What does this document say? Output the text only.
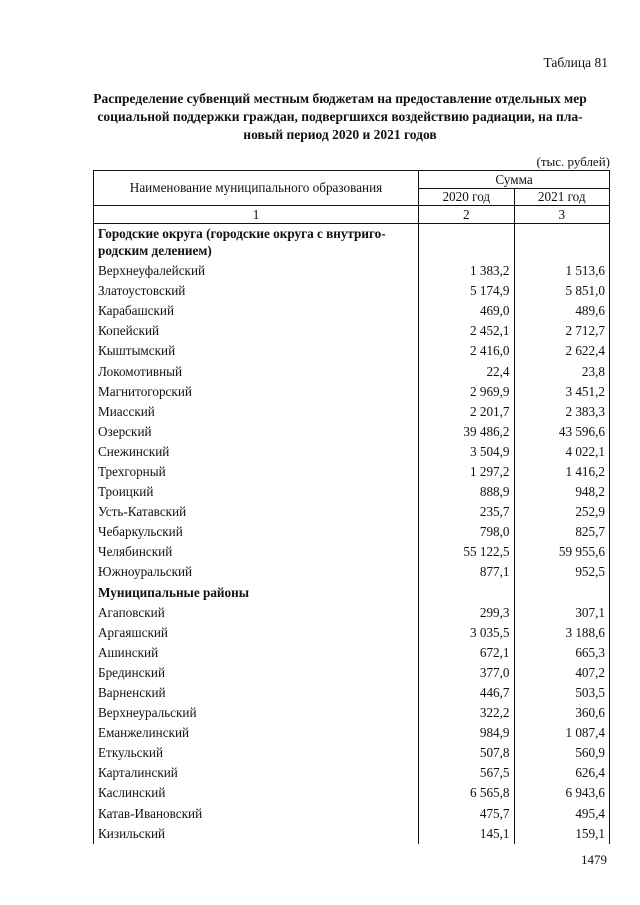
Таблица 81
Распределение субвенций местным бюджетам на предоставление отдельных мер
социальной поддержки граждан, подвергшихся воздействию радиации, на пла-
новый период 2020 и 2021 годов
(тыс. рублей)
Наименование муниципального образования	Сумма	
	2020 год	2021 год
1	2	3

Городские округа (городские округа с внутриго-
родским делением)		

Верхнеуфалейский	1 383,2	1 513,6
Златоустовский	5 174,9	5 851,0
Карабашский	469,0	489,6
Копейский	2 452,1	2 712,7
Кыштымский	2 416,0	2 622,4
Локомотивный	22,4	23,8
Магнитогорский	2 969,9	3 451,2
Миасский	2 201,7	2 383,3
Озерский	39 486,2	43 596,6
Снежинский	3 504,9	4 022,1
Трехгорный	1 297,2	1 416,2
Троицкий	888,9	948,2
Усть-Катавский	235,7	252,9
Чебаркульский	798,0	825,7
Челябинский	55 122,5	59 955,6
Южноуральский	877,1	952,5
Муниципальные районы		
Агаповский	299,3	307,1
Аргаяшский	3 035,5	3 188,6
Ашинский	672,1	665,3
Брединский	377,0	407,2
Варненский	446,7	503,5
Верхнеуральский	322,2	360,6
Еманжелинский	984,9	1 087,4
Еткульский	507,8	560,9
Карталинский	567,5	626,4
Каслинский	6 565,8	6 943,6
Катав-Ивановский	475,7	495,4
Кизильский	145,1	159,1
1479
